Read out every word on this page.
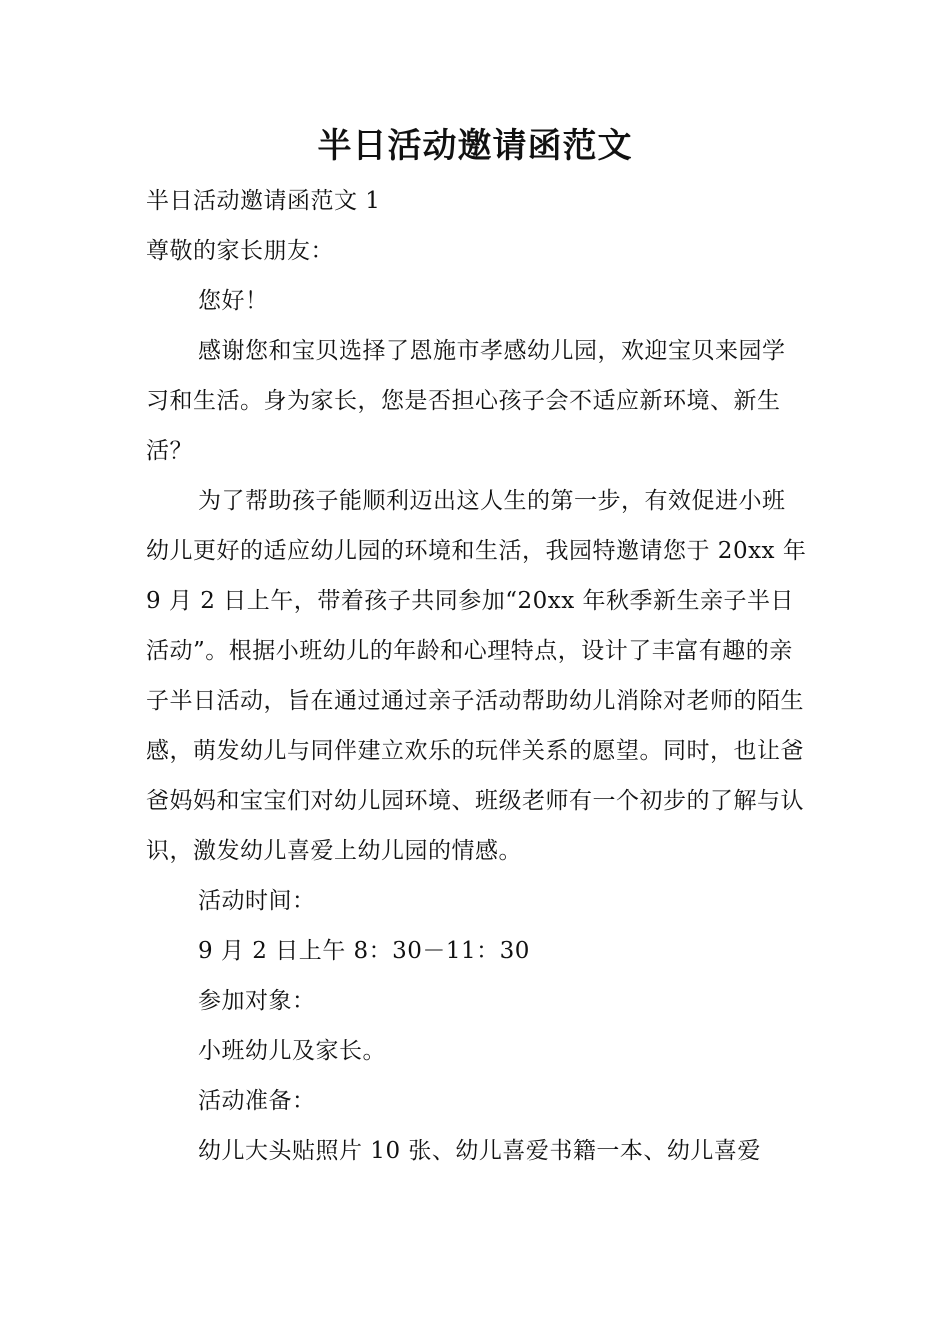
半日活动邀请函范文

半日活动邀请函范文 1

尊敬的家长朋友：

您好！

感谢您和宝贝选择了恩施市孝感幼儿园，欢迎宝贝来园学习和生活。身为家长，您是否担心孩子会不适应新环境、新生活？

为了帮助孩子能顺利迈出这人生的第一步，有效促进小班幼儿更好的适应幼儿园的环境和生活，我园特邀请您于 20xx 年 9 月 2 日上午，带着孩子共同参加“20xx 年秋季新生亲子半日活动”。根据小班幼儿的年龄和心理特点，设计了丰富有趣的亲子半日活动，旨在通过通过亲子活动帮助幼儿消除对老师的陌生感，萌发幼儿与同伴建立欢乐的玩伴关系的愿望。同时，也让爸爸妈妈和宝宝们对幼儿园环境、班级老师有一个初步的了解与认识，激发幼儿喜爱上幼儿园的情感。

活动时间：

9 月 2 日上午 8：30－11：30

参加对象：

小班幼儿及家长。

活动准备：

幼儿大头贴照片 10 张、幼儿喜爱书籍一本、幼儿喜爱
